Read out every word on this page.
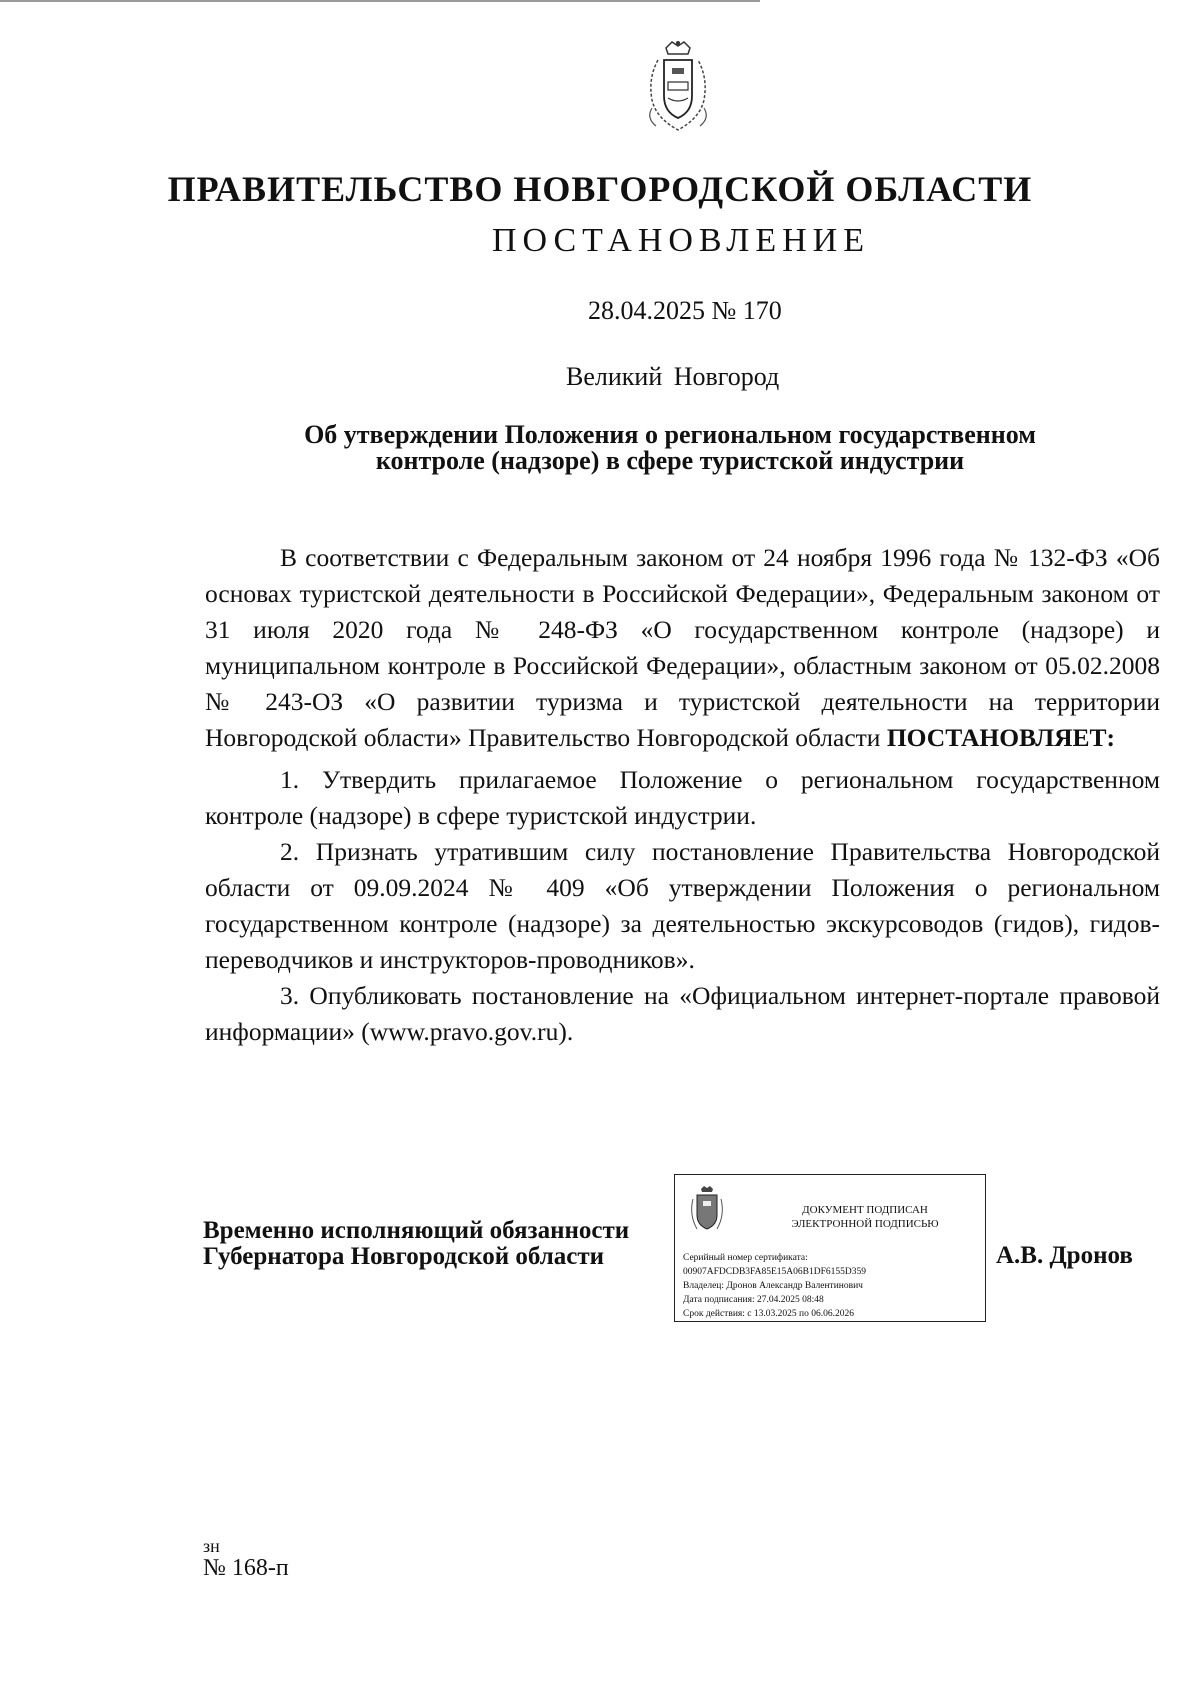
ПРАВИТЕЛЬСТВО НОВГОРОДСКОЙ ОБЛАСТИ
ПОСТАНОВЛЕНИЕ
28.04.2025 № 170
Великий Новгород
Об утверждении Положения о региональном государственном
контроле (надзоре) в сфере туристской индустрии

В соответствии с Федеральным законом от 24 ноября 1996 года № 132-ФЗ «Об основах туристской деятельности в Российской Федерации», Федеральным законом от 31 июля 2020 года № 248-ФЗ «О государственном контроле (надзоре) и муниципальном контроле в Российской Федерации», областным законом от 05.02.2008 № 243-ОЗ «О развитии туризма и туристской деятельности на территории Новгородской области» Правительство Новгородской области ПОСТАНОВЛЯЕТ:

1. Утвердить прилагаемое Положение о региональном государственном контроле (надзоре) в сфере туристской индустрии.

2. Признать утратившим силу постановление Правительства Новгородской области от 09.09.2024 № 409 «Об утверждении Положения о региональном государственном контроле (надзоре) за деятельностью экскурсоводов (гидов), гидов-переводчиков и инструкторов-проводников».

3. Опубликовать постановление на «Официальном интернет-портале правовой информации» (www.pravo.gov.ru).

Временно исполняющий обязанности
Губернатора Новгородской области
ДОКУМЕНТ ПОДПИСАН
ЭЛЕКТРОННОЙ ПОДПИСЬЮ
Серийный номер сертификата:
00907AFDCDB3FA85E15A06B1DF6155D359
Владелец: Дронов Александр Валентинович
Дата подписания: 27.04.2025 08:48
Срок действия: с 13.03.2025 по 06.06.2026
А.В. Дронов
зн
№ 168-п
